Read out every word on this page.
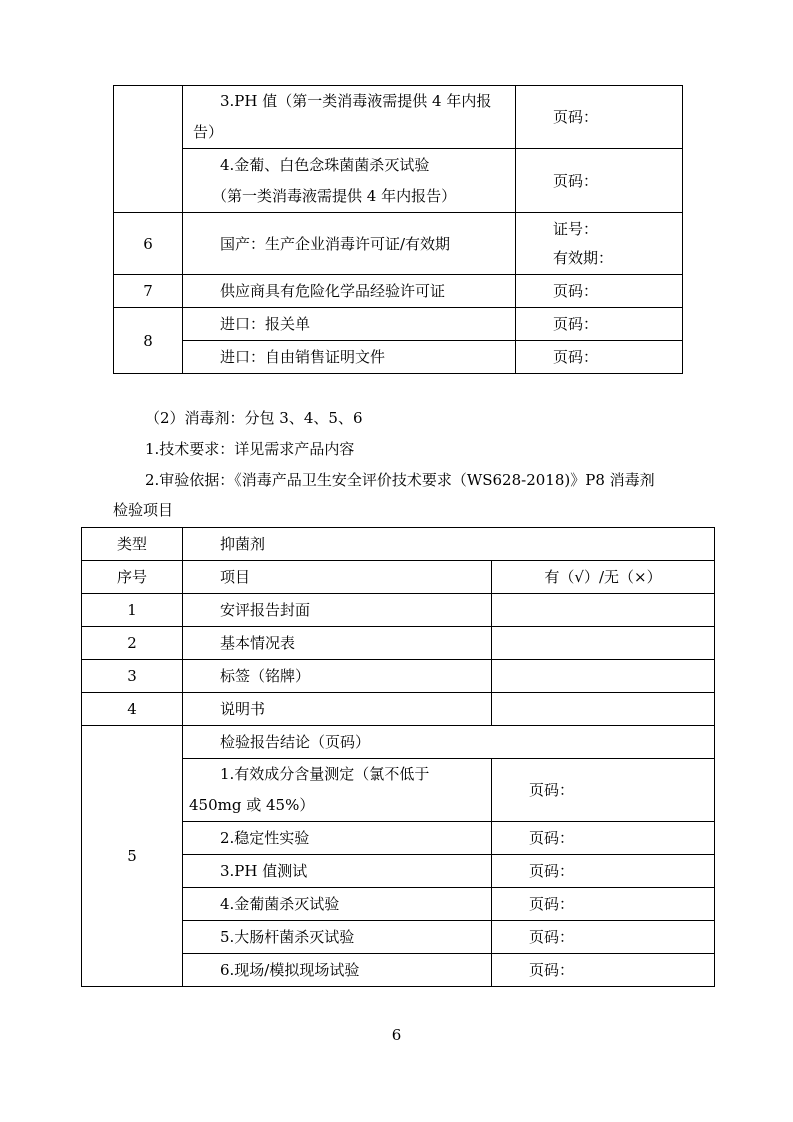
	3.PH 值（第一类消毒液需提供 4 年内报告）	页码：

	4.金葡、白色念珠菌菌杀灭试验
（第一类消毒液需提供 4 年内报告）	页码：
6	国产：生产企业消毒许可证/有效期	证号：
有效期：

7	供应商具有危险化学品经验许可证	页码：
8	进口：报关单	页码：
	进口：自由销售证明文件	页码：
（2）消毒剂：分包 3、4、5、6
1.技术要求：详见需求产品内容
2.审验依据：《消毒产品卫生安全评价技术要求（WS628-2018)》P8 消毒剂
检验项目
类型	抑菌剂	
序号	项目	有（√）/无（×）
1	安评报告封面	
2	基本情况表	
3	标签（铭牌）	
4	说明书	
5	检验报告结论（页码）	
	1.有效成分含量测定（氯不低于 450mg 或 45%）	页码：
	2.稳定性实验	页码：
	3.PH 值测试	页码：
	4.金葡菌杀灭试验	页码：
	5.大肠杆菌杀灭试验	页码：
	6.现场/模拟现场试验	页码：
6
